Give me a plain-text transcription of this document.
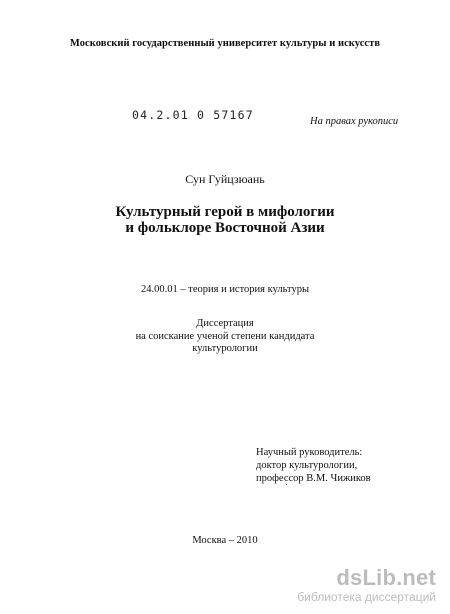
Московский государственный университет культуры и искусств
04.2.01 0 57167	На правах рукописи
Сун Гуйцзюань
Культурный герой в мифологии
и фольклоре Восточной Азии
24.00.01 – теория и история культуры
Диссертация
на соискание ученой степени кандидата
культурологии
Научный руководитель:
доктор культурологии,
профессор В.М. Чижиков
Москва – 2010
dsLib.net
библиотека диссертаций
